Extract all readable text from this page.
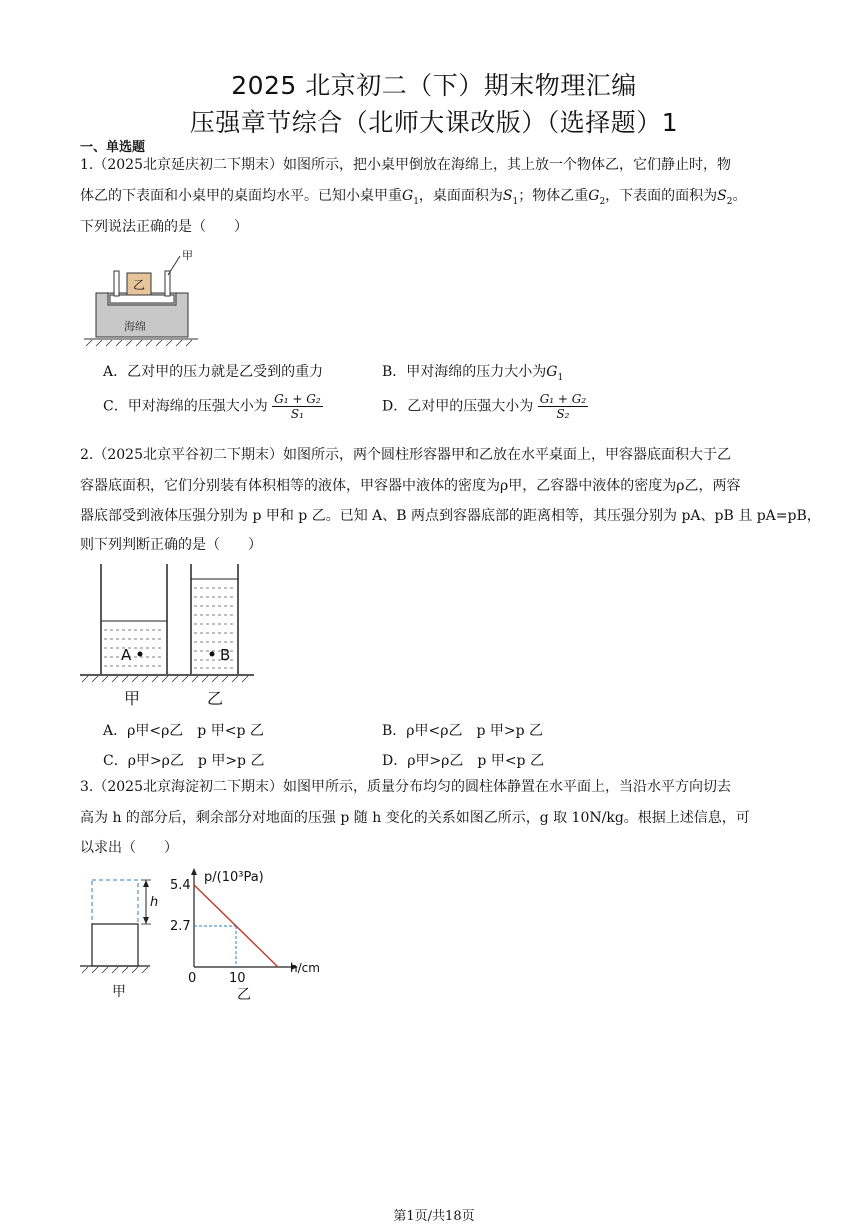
2025 北京初二（下）期末物理汇编
压强章节综合（北师大课改版）（选择题）1
一、单选题
1.（2025北京延庆初二下期末）如图所示，把小桌甲倒放在海绵上，其上放一个物体乙，它们静止时，物
体乙的下表面和小桌甲的桌面均水平。已知小桌甲重$G_1$，桌面面积为$S_1$；物体乙重$G_2$，下表面的面积为$S_2$。
下列说法正确的是（　　）
乙
甲
海绵
A．乙对甲的压力就是乙受到的重力	B．甲对海绵的压力大小为$G_1$
C．甲对海绵的压强大小为 $\frac{\text{G₁ + G₂}}{\text{S₁}}$	D．乙对甲的压强大小为 $\frac{\text{G₁ + G₂}}{\text{S₂}}$
2.（2025北京平谷初二下期末）如图所示，两个圆柱形容器甲和乙放在水平桌面上，甲容器底面积大于乙
容器底面积，它们分别装有体积相等的液体，甲容器中液体的密度为ρ甲，乙容器中液体的密度为ρ乙，两容
器底部受到液体压强分别为 p 甲和 p 乙。已知 A、B 两点到容器底部的距离相等，其压强分别为 pA、pB 且 pA=pB，
则下列判断正确的是（　　）
A	B
甲	乙
A．ρ甲<ρ乙　p 甲<p 乙	B．ρ甲<ρ乙　p 甲>p 乙
C．ρ甲>ρ乙　p 甲>p 乙	D．ρ甲>ρ乙　p 甲<p 乙
3.（2025北京海淀初二下期末）如图甲所示，质量分布均匀的圆柱体静置在水平面上，当沿水平方向切去
高为 h 的部分后，剩余部分对地面的压强 p 随 h 变化的关系如图乙所示，g 取 10N/kg。根据上述信息，可
以求出（　　）
h
甲
p/(10³Pa)
h/cm
5.4
2.7
0	10
乙
第1页/共18页
